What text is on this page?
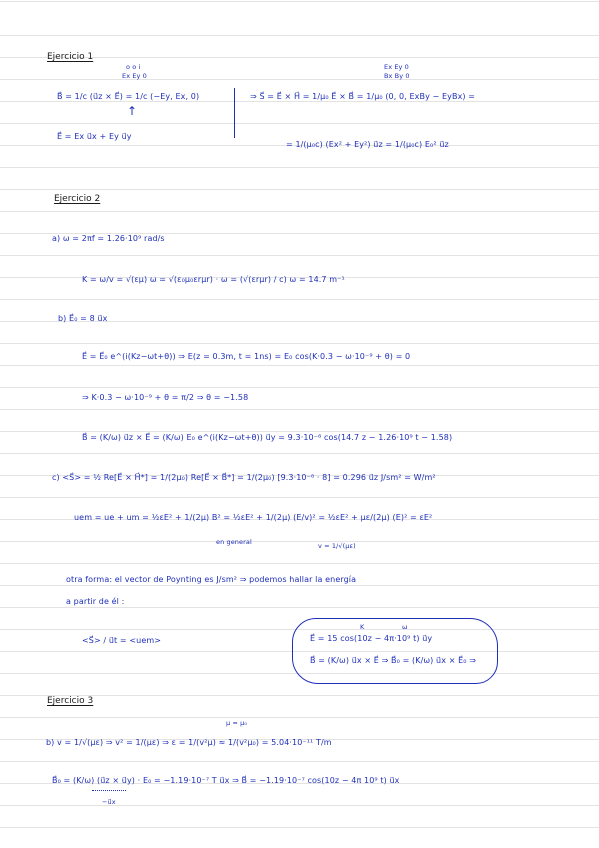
Ejercicio 1
o o i
Ex Ey 0
Ex Ey 0
Bx By 0
B⃗ = 1/c (u⃗z × E⃗) = 1/c (−Ey, Ex, 0)
↑
⇒ S⃗ = E⃗ × H⃗ = 1/μ₀ E⃗ × B⃗ = 1/μ₀ (0, 0, ExBy − EyBx) =
E⃗ = Ex u⃗x + Ey u⃗y
= 1/(μ₀c) (Ex² + Ey²) u⃗z = 1/(μ₀c) E₀² u⃗z
Ejercicio 2
a) ω = 2πf = 1.26·10⁹ rad/s
K = ω/v = √(εμ) ω = √(ε₀μ₀εrμr) · ω = (√(εrμr) / c) ω = 14.7 m⁻¹
b) E⃗₀ = 8 u⃗x
E⃗ = E⃗₀ e^(i(Kz−ωt+θ)) ⇒ E(z = 0.3m, t = 1ns) = E₀ cos(K·0.3 − ω·10⁻⁹ + θ) = 0
⇒ K·0.3 − ω·10⁻⁹ + θ = π/2 ⇒ θ = −1.58
B⃗ = (K/ω) u⃗z × E⃗ = (K/ω) E₀ e^(i(Kz−ωt+θ)) u⃗y = 9.3·10⁻⁸ cos(14.7 z − 1.26·10⁹ t − 1.58)
c) <S⃗> = ½ Re[E⃗ × H⃗*] = 1/(2μ₀) Re[E⃗ × B⃗*] = 1/(2μ₀) [9.3·10⁻⁸ · 8] = 0.296 u⃗z J/sm² = W/m²
uem = ue + um = ½εE² + 1/(2μ) B² = ½εE² + 1/(2μ) (E/v)² = ½εE² + με/(2μ) (E)² = εE²
en general	v = 1/√(με)
otra forma: el vector de Poynting es J/sm² ⇒ podemos hallar la energía
a partir de él :
<S⃗> / u⃗t = <uem>
K	ω
E⃗ = 15 cos(10z − 4π·10⁹ t) u⃗y
B⃗ = (K/ω) u⃗x × E⃗ ⇒ B⃗₀ = (K/ω) u⃗x × E⃗₀ ⇒
Ejercicio 3
μ ≈ μ₀
b) v = 1/√(με) ⇒ v² = 1/(με) ⇒ ε = 1/(v²μ) ≈ 1/(v²μ₀) = 5.04·10⁻¹¹ T/m
B⃗₀ = (K/ω) (u⃗z × u⃗y) · E₀ = −1.19·10⁻⁷ T u⃗x ⇒ B⃗ = −1.19·10⁻⁷ cos(10z − 4π 10⁹ t) u⃗x
−u⃗x
